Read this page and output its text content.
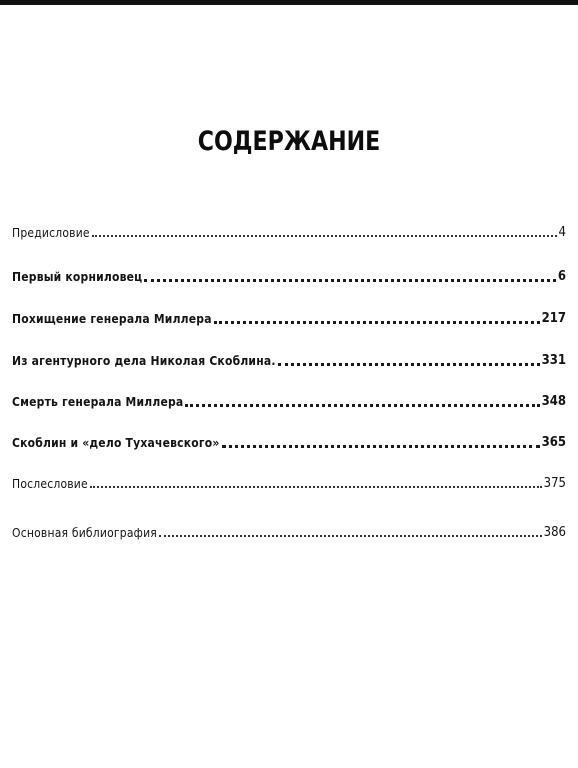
СОДЕРЖАНИЕ
Предисловие	4
Первый корниловец	6
Похищение генерала Миллера	217
Из агентурного дела Николая Скоблина.	331
Смерть генерала Миллера	348
Скоблин и «дело Тухачевского»	365
Послесловие	375
Основная библиография	386
